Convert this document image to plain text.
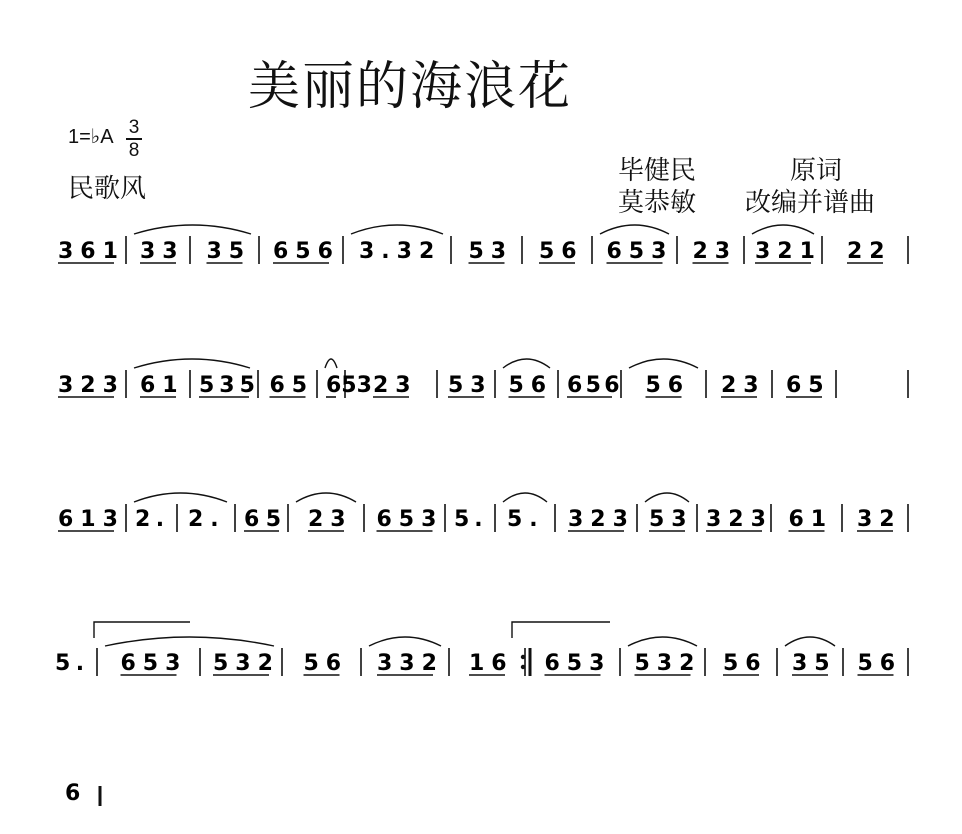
美丽的海浪花
1=♭A 3
8
民歌风
毕健民	原词
莫恭敏 改编并谱曲
361 33 35 656 3.32 53 56 653 23 321 22
323 61 535 65 653 23 53 56 656 56 23 65
613 2. 2. 65 23 653 5. 5. 323 53 323 61 32
5. 653 532 56 332 16 653 532 56 35 56
6
